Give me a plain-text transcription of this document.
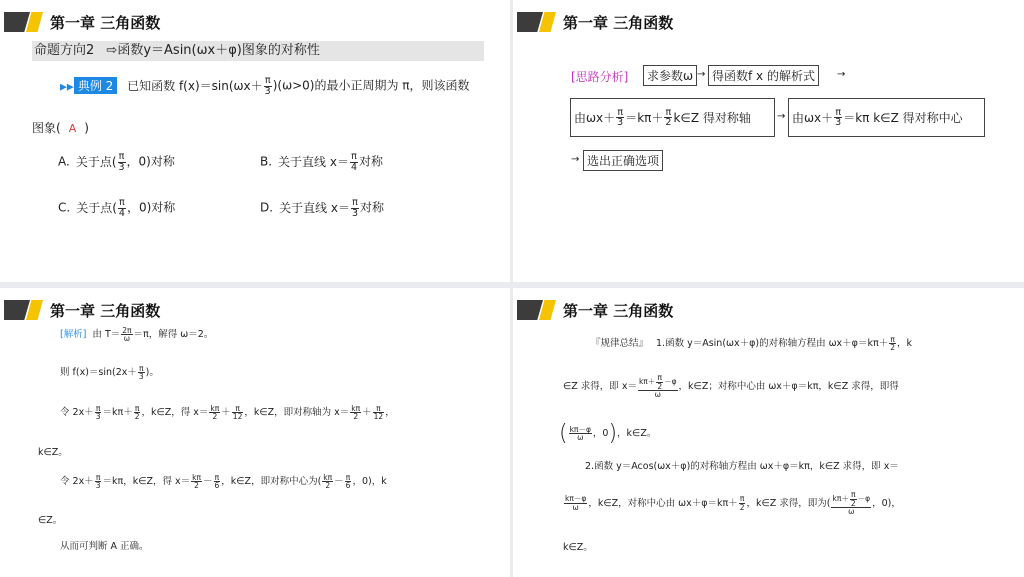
第一章 三角函数
命题方向2 ⇨函数y＝Asin(ωx＋φ)图象的对称性
▶▶ 典例 2 已知函数 $f(x)=\sin(\omega x+ \frac{\pi}{3} )(\omega>0)$的最小正周期为 π，则该函数
图象( A )
A. 关于点( $\frac{\pi}{3}$ ，0)对称	B. 关于直线 $x= \frac{\pi}{4}$ 对称
C. 关于点( $\frac{\pi}{4}$ ，0)对称	D. 关于直线 $x= \frac{\pi}{3}$ 对称
第一章 三角函数
[思路分析]	求参数ω → 得函数f x 的解析式	→
由$\omega x+ \frac{\pi}{3} =k\pi+ \frac{\pi}{2}$ k∈Z 得对称轴	→ 由$\omega x+ \frac{\pi}{3} =k\pi$ k∈Z 得对称中心
→ 选出正确选项
第一章 三角函数
[解析] 由 $T= \frac{2\pi}{\omega} =\pi$，解得 ω＝2。
则 $f(x)=\sin(2x+ \frac{\pi}{3}$ )。
令 $2x+ \frac{\pi}{3} =k\pi+ \frac{\pi}{2}$ ，k∈Z，得 $x= \frac{k\pi}{2} + \frac{\pi}{12}$ ，k∈Z，即对称轴为 $x= \frac{k\pi}{2} + \frac{\pi}{12}$ ，
k∈Z。
令 $2x+ \frac{\pi}{3} =k\pi$，k∈Z，得 $x= \frac{k\pi}{2} - \frac{\pi}{6}$ ，k∈Z，即对称中心为( $\frac{k\pi}{2} - \frac{\pi}{6}$ ，0)，k
∈Z。
从而可判断 A 正确。
第一章 三角函数
『规律总结』 1.函数 y＝Asin(ωx＋φ)的对称轴方程由 $\omega x+\varphi=k\pi+ \frac{\pi}{2}$ ，k
∈Z 求得，即 $x= \frac{k\pi+ \frac{\pi}{2} -\varphi}{\omega}$ ，k∈Z；对称中心由 ωx＋φ＝kπ，k∈Z 求得，即得
( $\frac{k\pi-\varphi}{\omega}$ ，0)，k∈Z。
2.函数 y＝Acos(ωx＋φ)的对称轴方程由 ωx＋φ＝kπ，k∈Z 求得，即 x＝
$\frac{k\pi-\varphi}{\omega}$ ，k∈Z，对称中心由 $\omega x+\varphi=k\pi+ \frac{\pi}{2}$ ，k∈Z 求得，即为( $\frac{k\pi+ \frac{\pi}{2} -\varphi}{\omega}$ ，0)，
k∈Z。
